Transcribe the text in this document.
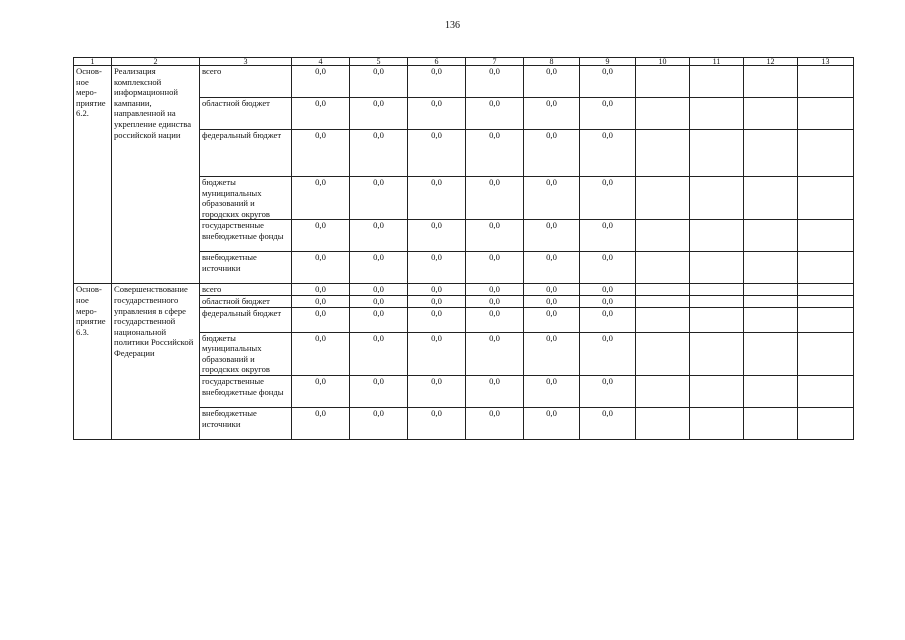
136
1	2	3	4	5	6	7	8	9	10	11	12	13
Основ-ное меро-приятие 6.2.	Реализация комплексной информационной кампании, направленной на укрепление единства российской нации	всего	0,0	0,0	0,0	0,0	0,0	0,0				
		областной бюджет	0,0	0,0	0,0	0,0	0,0	0,0				
		федеральный бюджет	0,0	0,0	0,0	0,0	0,0	0,0				
		бюджеты муниципальных образований и городских округов	0,0	0,0	0,0	0,0	0,0	0,0				
		государственные внебюджетные фонды	0,0	0,0	0,0	0,0	0,0	0,0				
		внебюджетные источники	0,0	0,0	0,0	0,0	0,0	0,0				
Основ-ное меро-приятие 6.3.	Совершенствование государственного управления в сфере государственной национальной политики Российской Федерации	всего	0,0	0,0	0,0	0,0	0,0	0,0				
		областной бюджет	0,0	0,0	0,0	0,0	0,0	0,0				
		федеральный бюджет	0,0	0,0	0,0	0,0	0,0	0,0				
		бюджеты муниципальных образований и городских округов	0,0	0,0	0,0	0,0	0,0	0,0				
		государственные внебюджетные фонды	0,0	0,0	0,0	0,0	0,0	0,0				
		внебюджетные источники	0,0	0,0	0,0	0,0	0,0	0,0				
